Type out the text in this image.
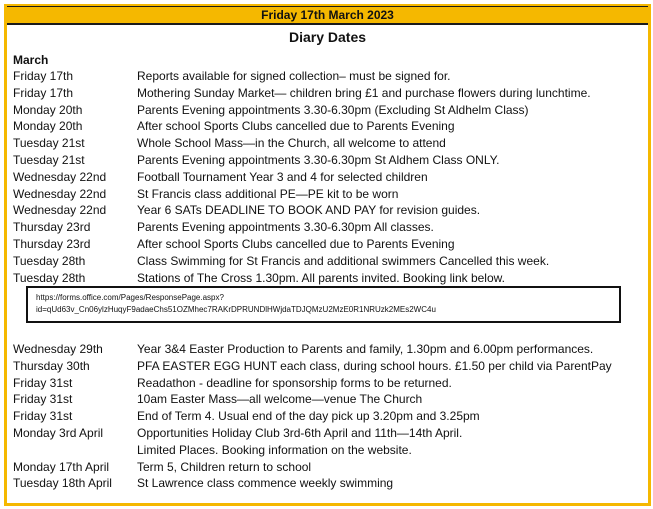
Friday 17th March 2023
Diary Dates
March
Friday 17th	Reports available for signed collection– must be signed for.
Friday 17th	Mothering Sunday Market— children bring £1 and purchase flowers during lunchtime.
Monday 20th	Parents Evening appointments 3.30-6.30pm (Excluding St Aldhelm Class)
Monday 20th	After school Sports Clubs cancelled due to Parents Evening
Tuesday 21st	Whole School Mass—in the Church, all welcome to attend
Tuesday 21st	Parents Evening appointments 3.30-6.30pm St Aldhem Class ONLY.
Wednesday 22nd	Football Tournament Year 3 and 4 for selected children
Wednesday 22nd	St Francis class additional PE—PE kit to be worn
Wednesday 22nd	Year 6 SATs DEADLINE TO BOOK AND PAY for revision guides.
Thursday 23rd	Parents Evening appointments 3.30-6.30pm All classes.
Thursday 23rd	After school Sports Clubs cancelled due to Parents Evening
Tuesday 28th	Class Swimming for St Francis and additional swimmers Cancelled this week.
Tuesday 28th	Stations of The Cross 1.30pm. All parents invited. Booking link below.
https://forms.office.com/Pages/ResponsePage.aspx?
id=qUd63v_Cn06ylzHuqyF9adaeChs51OZMhec7RAKrDPRUNDlHWjdaTDJQMzU2MzE0R1NRUzk2MEs2WC4u
Wednesday 29th	Year 3&4 Easter Production to Parents and family, 1.30pm and 6.00pm performances.
Thursday 30th	PFA EASTER EGG HUNT each class, during school hours. £1.50 per child via ParentPay
Friday 31st	Readathon - deadline for sponsorship forms to be returned.
Friday 31st	10am Easter Mass—all welcome—venue The Church
Friday 31st	End of Term 4. Usual end of the day pick up 3.20pm and 3.25pm
Monday 3rd April	Opportunities Holiday Club 3rd-6th April and 11th—14th April.
Limited Places. Booking information on the website.
Monday 17th April	Term 5, Children return to school
Tuesday 18th April	St Lawrence class commence weekly swimming
